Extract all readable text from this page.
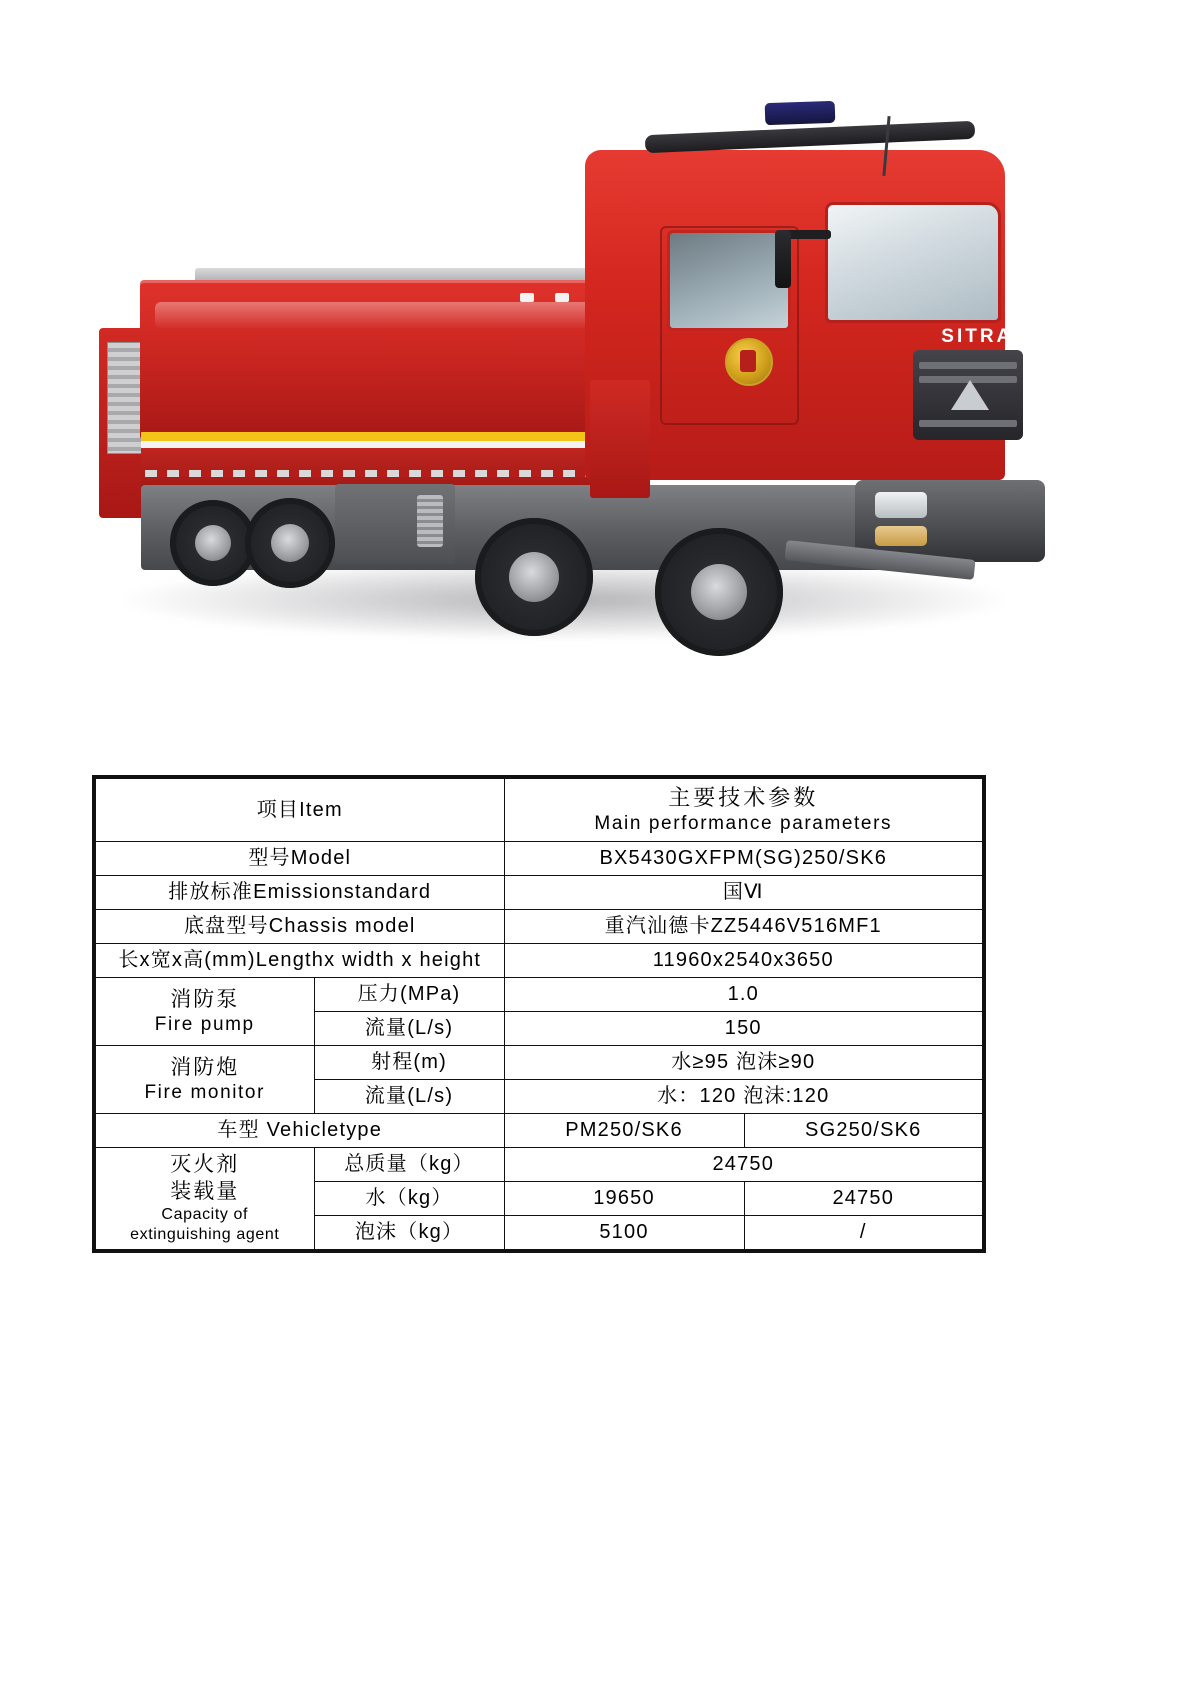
SITRAK
项目Item		主要技术参数
Main performance parameters	

型号Model		BX5430GXFPM(SG)250/SK6	
排放标准Emissionstandard		国Ⅵ	
底盘型号Chassis model		重汽汕德卡ZZ5446V516MF1	
长x宽x高(mm)Lengthx width x height		11960x2540x3650	

消防泵
Fire pump	压力(MPa)	1.0	
	流量(L/s)	150	

消防炮
Fire monitor	射程(m)	水≥95 泡沫≥90	
	流量(L/s)	水：120 泡沫:120	
车型 Vehicletype		PM250/SK6	SG250/SK6

灭火剂
装载量
Capacity of
extinguishing agent	总质量（kg）	24750	
	水（kg）	19650	24750
	泡沫（kg）	5100	/
